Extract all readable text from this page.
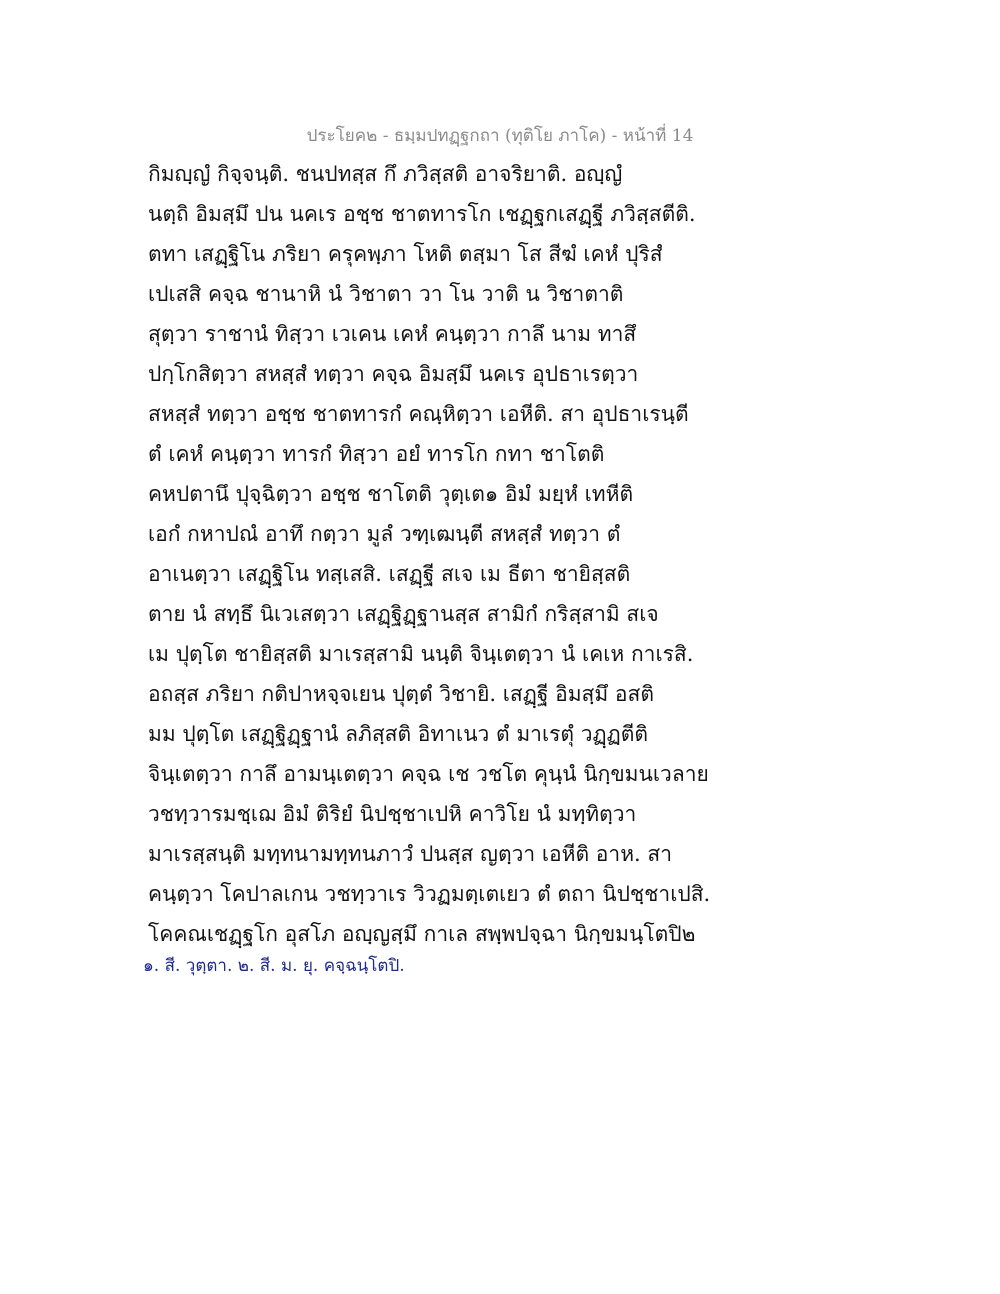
ประโยค๒ - ธมฺมปทฏฺฐกถา (ทุติโย ภาโค) - หน้าที่ 14
กิมญฺญํ กิจฺจนฺติ. ชนปทสฺส กึ ภวิสฺสติ อาจริยาติ. อญฺญํ
นตฺถิ อิมสฺมึ ปน นคเร อชฺช ชาตทารโก เชฏฺฐกเสฏฺฐี ภวิสฺสตีติ.
ตทา เสฏฺฐิโน ภริยา ครุคพฺภา โหติ ตสฺมา โส สีฆํ เคหํ ปุริสํ
เปเสสิ คจฺฉ ชานาหิ นํ วิชาตา วา โน วาติ น วิชาตาติ
สุตฺวา ราชานํ ทิสฺวา เวเคน เคหํ คนฺตฺวา กาลึ นาม ทาสึ
ปกฺโกสิตฺวา สหสฺสํ ทตฺวา คจฺฉ อิมสฺมึ นคเร อุปธาเรตฺวา
สหสฺสํ ทตฺวา อชฺช ชาตทารกํ คณฺหิตฺวา เอหีติ. สา อุปธาเรนฺตี
ตํ เคหํ คนฺตฺวา ทารกํ ทิสฺวา อยํ ทารโก กทา ชาโตติ
คหปตานึ ปุจฺฉิตฺวา อชฺช ชาโตติ วุตฺเต๑ อิมํ มยฺหํ เทหีติ
เอกํ กหาปณํ อาทึ กตฺวา มูลํ วฑฺเฒนฺตี สหสฺสํ ทตฺวา ตํ
อาเนตฺวา เสฏฺฐิโน ทสฺเสสิ. เสฏฺฐี สเจ เม ธีตา ชายิสฺสติ
ตาย นํ สทฺธึ นิเวเสตฺวา เสฏฺฐิฏฺฐานสฺส สามิกํ กริสฺสามิ สเจ
เม ปุตฺโต ชายิสฺสติ มาเรสฺสามิ นนฺติ จินฺเตตฺวา นํ เคเห กาเรสิ.
อถสฺส ภริยา กติปาหจฺจเยน ปุตฺตํ วิชายิ. เสฏฺฐี อิมสฺมึ อสติ
มม ปุตฺโต เสฏฺฐิฏฺฐานํ ลภิสฺสติ อิทาเนว ตํ มาเรตุํ วฏฺฏตีติ
จินฺเตตฺวา กาลึ อามนฺเตตฺวา คจฺฉ เช วชโต คุนฺนํ นิกฺขมนเวลาย
วชทฺวารมชฺเฌ อิมํ ติริยํ นิปชฺชาเปหิ คาวิโย นํ มทฺทิตฺวา
มาเรสฺสนฺติ มทฺทนามทฺทนภาวํ ปนสฺส ญตฺวา เอหีติ อาห. สา
คนฺตฺวา โคปาลเกน วชทฺวาเร วิวฏมตฺเตเยว ตํ ตถา นิปชฺชาเปสิ.
โคคณเชฏฺฐโก อุสโภ อญฺญสฺมึ กาเล สพฺพปจฺฉา นิกฺขมนฺโตปิ๒
๑. สี. วุตฺตา. ๒. สี. ม. ยุ. คจฺฉนฺโตปิ.
